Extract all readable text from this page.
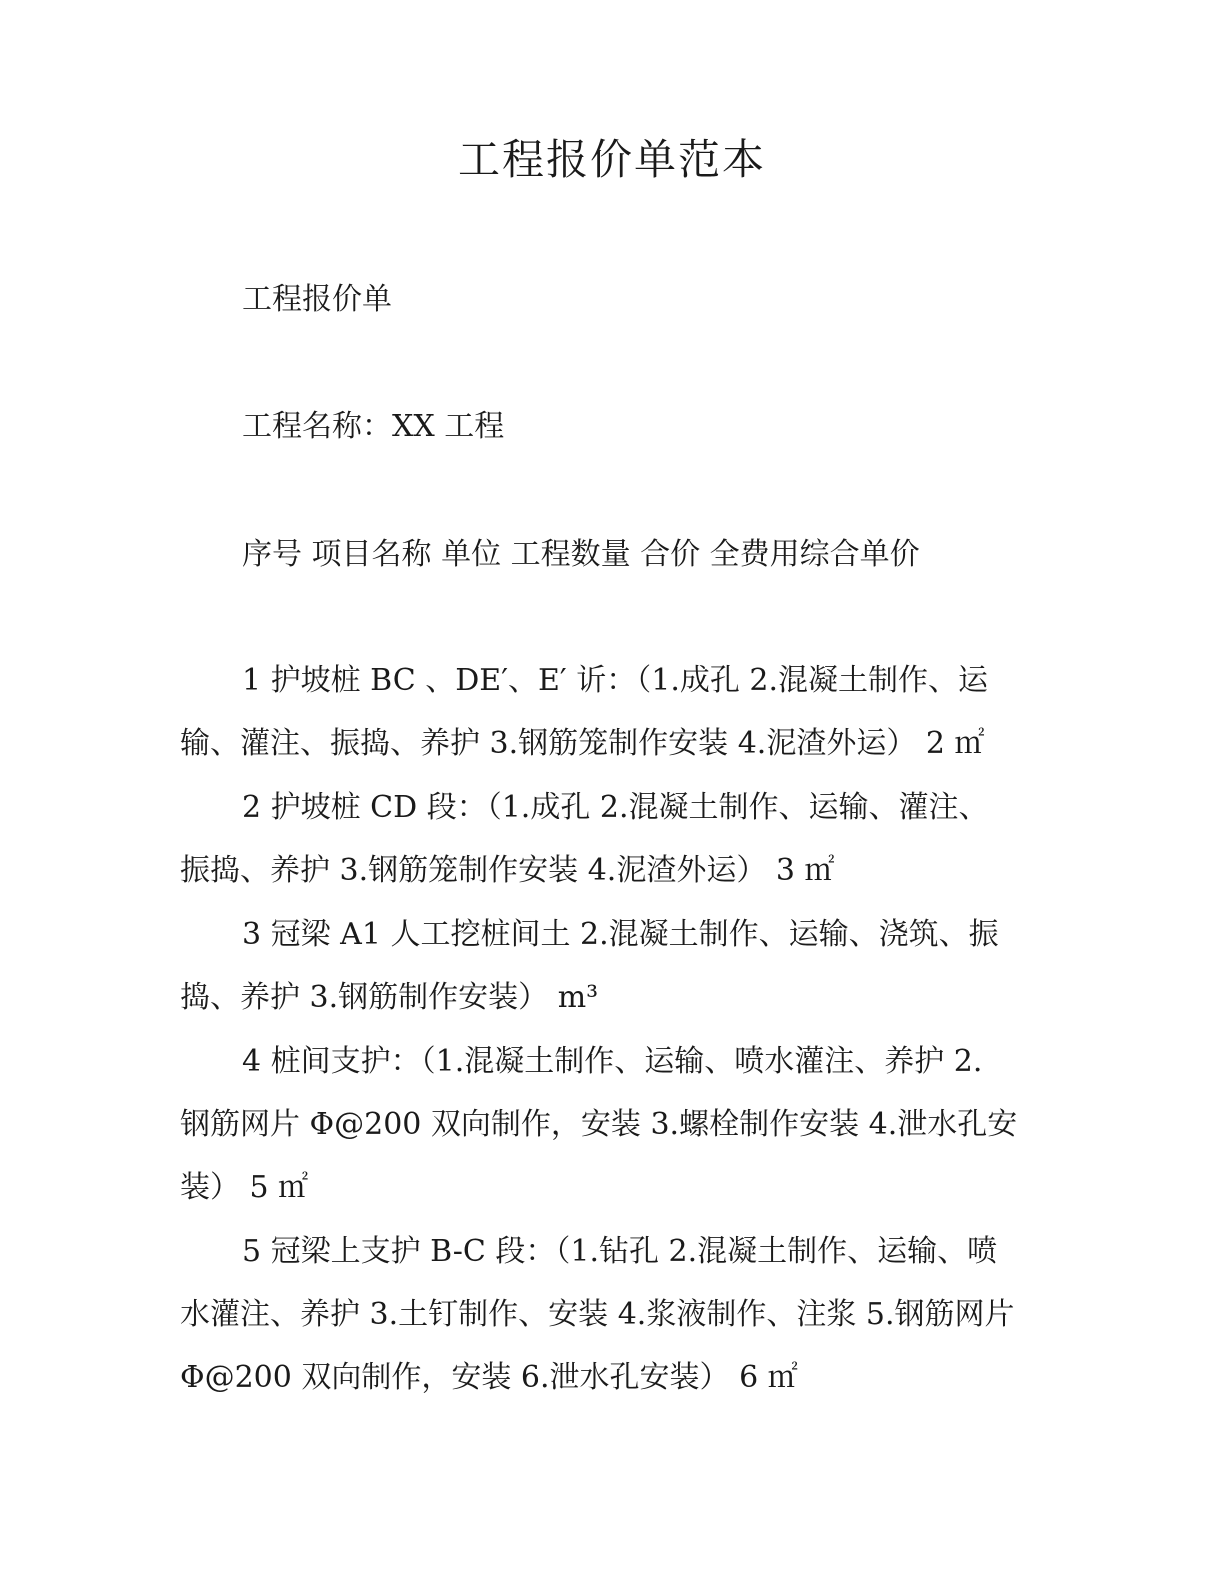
工程报价单范本
工程报价单
工程名称：XX 工程
序号 项目名称 单位 工程数量 合价 全费用综合单价
1 护坡桩 BC 、DE′、E′ 䜣：（1.成孔 2.混凝土制作、运
输、灌注、振捣、养护 3.钢筋笼制作安装 4.泥渣外运） 2 ㎡
2 护坡桩 CD 段：（1.成孔 2.混凝土制作、运输、灌注、
振捣、养护 3.钢筋笼制作安装 4.泥渣外运） 3 ㎡
3 冠梁 A1 人工挖桩间土 2.混凝土制作、运输、浇筑、振
捣、养护 3.钢筋制作安装） m³
4 桩间支护：（1.混凝土制作、运输、喷水灌注、养护 2.
钢筋网片 Φ@200 双向制作，安装 3.螺栓制作安装 4.泄水孔安
装） 5 ㎡
5 冠梁上支护 B-C 段：（1.钻孔 2.混凝土制作、运输、喷
水灌注、养护 3.土钉制作、安装 4.浆液制作、注浆 5.钢筋网片
Φ@200 双向制作，安装 6.泄水孔安装） 6 ㎡
